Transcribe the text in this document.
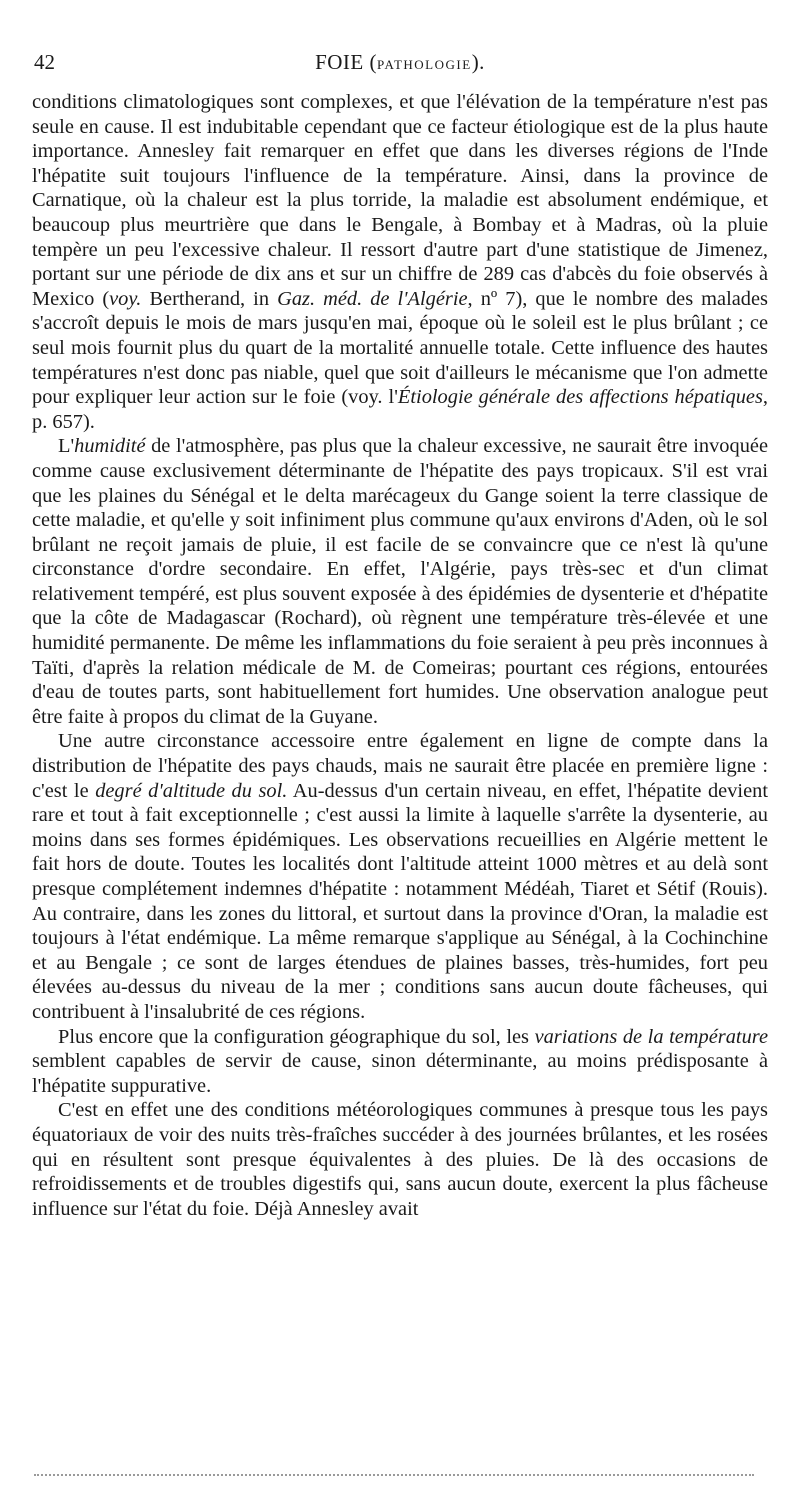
42	FOIE (PATHOLOGIE).

conditions climatologiques sont complexes, et que l'élévation de la température n'est pas seule en cause. Il est indubitable cependant que ce facteur étiologique est de la plus haute importance. Annesley fait remarquer en effet que dans les diverses régions de l'Inde l'hépatite suit toujours l'influence de la température. Ainsi, dans la province de Carnatique, où la chaleur est la plus torride, la maladie est absolument endémique, et beaucoup plus meurtrière que dans le Bengale, à Bombay et à Madras, où la pluie tempère un peu l'excessive chaleur. Il ressort d'autre part d'une statistique de Jimenez, portant sur une période de dix ans et sur un chiffre de 289 cas d'abcès du foie observés à Mexico (voy. Bertherand, in Gaz. méd. de l'Algérie, nº 7), que le nombre des malades s'accroît depuis le mois de mars jusqu'en mai, époque où le soleil est le plus brûlant ; ce seul mois fournit plus du quart de la mortalité annuelle totale. Cette influence des hautes températures n'est donc pas niable, quel que soit d'ailleurs le mécanisme que l'on admette pour expliquer leur action sur le foie (voy. l'Étiologie générale des affections hépatiques, p. 657).

L'humidité de l'atmosphère, pas plus que la chaleur excessive, ne saurait être invoquée comme cause exclusivement déterminante de l'hépatite des pays tropicaux. S'il est vrai que les plaines du Sénégal et le delta marécageux du Gange soient la terre classique de cette maladie, et qu'elle y soit infiniment plus commune qu'aux environs d'Aden, où le sol brûlant ne reçoit jamais de pluie, il est facile de se convaincre que ce n'est là qu'une circonstance d'ordre secondaire. En effet, l'Algérie, pays très-sec et d'un climat relativement tempéré, est plus souvent exposée à des épidémies de dysenterie et d'hépatite que la côte de Madagascar (Rochard), où règnent une température très-élevée et une humidité permanente. De même les inflammations du foie seraient à peu près inconnues à Taïti, d'après la relation médicale de M. de Comeiras; pourtant ces régions, entourées d'eau de toutes parts, sont habituellement fort humides. Une observation analogue peut être faite à propos du climat de la Guyane.

Une autre circonstance accessoire entre également en ligne de compte dans la distribution de l'hépatite des pays chauds, mais ne saurait être placée en première ligne : c'est le degré d'altitude du sol. Au-dessus d'un certain niveau, en effet, l'hépatite devient rare et tout à fait exceptionnelle ; c'est aussi la limite à laquelle s'arrête la dysenterie, au moins dans ses formes épidémiques. Les observations recueillies en Algérie mettent le fait hors de doute. Toutes les localités dont l'altitude atteint 1000 mètres et au delà sont presque complétement indemnes d'hépatite : notamment Médéah, Tiaret et Sétif (Rouis). Au contraire, dans les zones du littoral, et surtout dans la province d'Oran, la maladie est toujours à l'état endémique. La même remarque s'applique au Sénégal, à la Cochinchine et au Bengale ; ce sont de larges étendues de plaines basses, très-humides, fort peu élevées au-dessus du niveau de la mer ; conditions sans aucun doute fâcheuses, qui contribuent à l'insalubrité de ces régions.

Plus encore que la configuration géographique du sol, les variations de la température semblent capables de servir de cause, sinon déterminante, au moins prédisposante à l'hépatite suppurative.

C'est en effet une des conditions météorologiques communes à presque tous les pays équatoriaux de voir des nuits très-fraîches succéder à des journées brûlantes, et les rosées qui en résultent sont presque équivalentes à des pluies. De là des occasions de refroidissements et de troubles digestifs qui, sans aucun doute, exercent la plus fâcheuse influence sur l'état du foie. Déjà Annesley avait
